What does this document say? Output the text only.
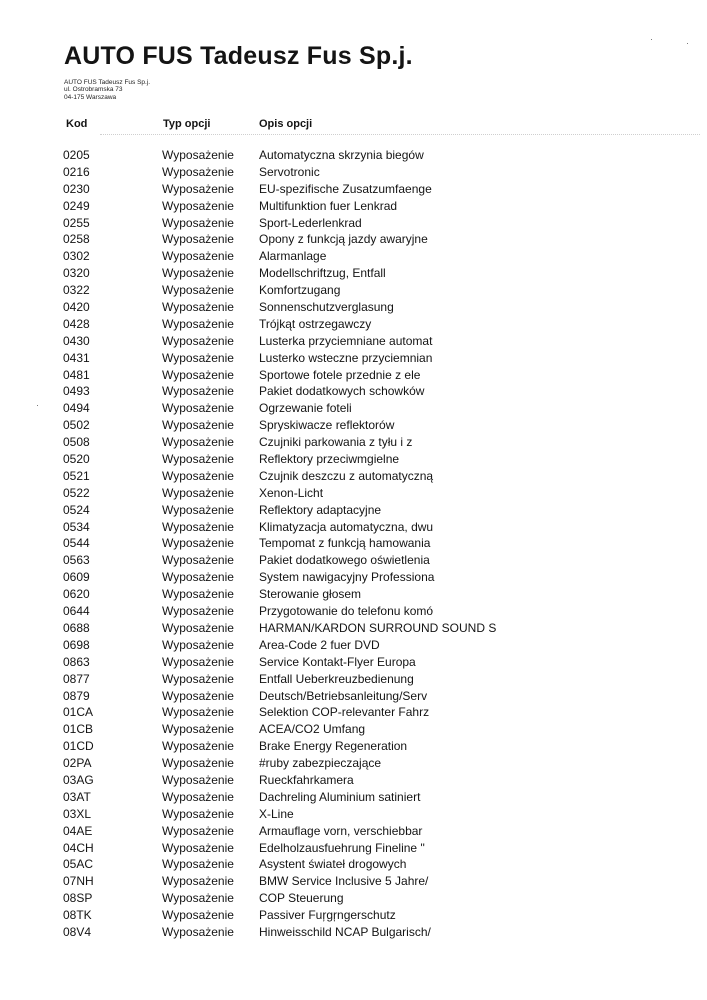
AUTO FUS Tadeusz Fus Sp.j.
AUTO FUS Tadeusz Fus Sp.j.
ul. Ostrobramska 73
04-175 Warszawa
Kod	Typ opcji	Opis opcji
0205	Wyposażenie Automatyczna skrzynia biegów
0216	Wyposażenie Servotronic
0230	Wyposażenie EU-spezifische Zusatzumfaenge
0249	Wyposażenie Multifunktion fuer Lenkrad
0255	Wyposażenie Sport-Lederlenkrad
0258	Wyposażenie Opony z funkcją jazdy awaryjne
0302	Wyposażenie Alarmanlage
0320	Wyposażenie Modellschriftzug, Entfall
0322	Wyposażenie Komfortzugang
0420	Wyposażenie Sonnenschutzverglasung
0428	Wyposażenie Trójkąt ostrzegawczy
0430	Wyposażenie Lusterka przyciemniane automat
0431	Wyposażenie Lusterko wsteczne przyciemnian
0481	Wyposażenie Sportowe fotele przednie z ele
0493	Wyposażenie Pakiet dodatkowych schowków
0494	Wyposażenie Ogrzewanie foteli
0502	Wyposażenie Spryskiwacze reflektorów
0508	Wyposażenie Czujniki parkowania z tyłu i z
0520	Wyposażenie Reflektory przeciwmgielne
0521	Wyposażenie Czujnik deszczu z automatyczną
0522	Wyposażenie Xenon-Licht
0524	Wyposażenie Reflektory adaptacyjne
0534	Wyposażenie Klimatyzacja automatyczna, dwu
0544	Wyposażenie Tempomat z funkcją hamowania
0563	Wyposażenie Pakiet dodatkowego oświetlenia
0609	Wyposażenie System nawigacyjny Professiona
0620	Wyposażenie Sterowanie głosem
0644	Wyposażenie Przygotowanie do telefonu komó
0688	Wyposażenie HARMAN/KARDON SURROUND SOUND S
0698	Wyposażenie Area-Code 2 fuer DVD
0863	Wyposażenie Service Kontakt-Flyer Europa
0877	Wyposażenie Entfall Ueberkreuzbedienung
0879	Wyposażenie Deutsch/Betriebsanleitung/Serv
01CA	Wyposażenie Selektion COP-relevanter Fahrz
01CB	Wyposażenie ACEA/CO2 Umfang
01CD	Wyposażenie Brake Energy Regeneration
02PA	Wyposażenie #ruby zabezpieczające
03AG	Wyposażenie Rueckfahrkamera
03AT	Wyposażenie Dachreling Aluminium satiniert
03XL	Wyposażenie X-Line
04AE	Wyposażenie Armauflage vorn, verschiebbar
04CH	Wyposażenie Edelholzausfuehrung Fineline "
05AC	Wyposażenie Asystent świateł drogowych
07NH	Wyposażenie BMW Service Inclusive 5 Jahre/
08SP	Wyposażenie COP Steuerung
08TK	Wyposażenie Passiver Fuŗgŗngerschutz
08V4	Wyposażenie Hinweisschild NCAP Bulgarisch/
·	·
·
